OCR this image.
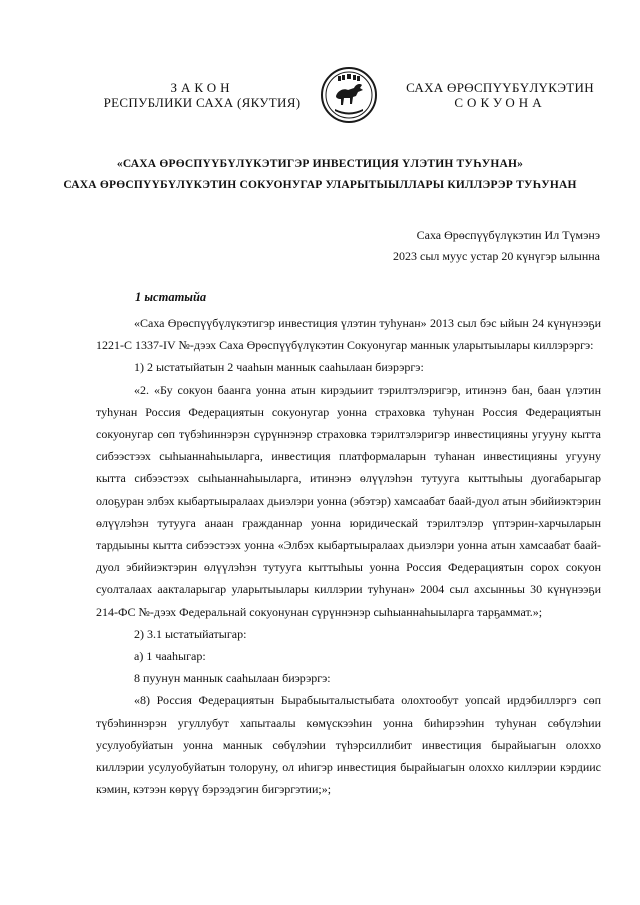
ЗАКОН
РЕСПУБЛИКИ САХА (ЯКУТИЯ)
САХА ӨРӨСПҮҮБҮЛҮКЭТИН
СОКУОНА
«САХА ӨРӨСПҮҮБҮЛҮКЭТИГЭР ИНВЕСТИЦИЯ ҮЛЭТИН ТУҺУНАН»
САХА ӨРӨСПҮҮБҮЛҮКЭТИН СОКУОНУГАР УЛАРЫТЫЫЛЛАРЫ КИЛЛЭРЭР ТУҺУНАН
Саха Өрөспүүбүлүкэтин Ил Түмэнэ
2023 сыл муус устар 20 күнүгэр ылынна
1 ыстатыйа

«Саха Өрөспүүбүлүкэтигэр инвестиция үлэтин туһунан» 2013 сыл бэс ыйын 24 күнүнээҕи 1221-С 1337-IV №-дээх Саха Өрөспүүбүлүкэтин Сокуонугар маннык уларытыылары киллэрэргэ:

1) 2 ыстатыйатын 2 чааһын маннык сааһылаан биэрэргэ:

«2. «Бу сокуон баанга уонна атын кирэдьиит тэрилтэлэригэр, итинэнэ бан, баан үлэтин туһунан Россия Федерациятын сокуонугар уонна страховка туһунан Россия Федерациятын сокуонугар сөп түбэһиннэрэн сүрүннэнэр страховка тэрилтэлэригэр инвестицияны угууну кытта сибээстээх сыһыаннаһыыларга, инвестиция платформаларын туһанан инвестицияны угууну кытта сибээстээх сыһыаннаһыыларга, итинэнэ өлүүлэһэн тутууга кыттыһыы дуогабарыгар олоҕуран элбэх кыбартыыралаах дьиэлэри уонна (эбэтэр) хамсаабат баай-дуол атын эбийиэктэрин өлүүлэһэн тутууга анаан гражданнар уонна юридическай тэрилтэлэр үптэрин-харчыларын тардыыны кытта сибээстээх уонна «Элбэх кыбартыыралаах дьиэлэри уонна атын хамсаабат баай-дуол эбийиэктэрин өлүүлэһэн тутууга кыттыһыы уонна Россия Федерациятын сорох сокуон суолталаах аакталарыгар уларытыылары киллэрии туһунан» 2004 сыл ахсынньы 30 күнүнээҕи 214-ФС №-дээх Федеральнай сокуонунан сүрүннэнэр сыһыаннаһыыларга тарҕаммат.»;

2) 3.1 ыстатыйатыгар:

а) 1 чааһыгар:

8 пуунун маннык сааһылаан биэрэргэ:

«8) Россия Федерациятын Бырабыыталыстыбата олохтообут уопсай ирдэбиллэргэ сөп түбэһиннэрэн угуллубут хапытаалы көмүскээһин уонна биһирээһин туһунан сөбүлэһии усулуобуйатын уонна маннык сөбүлэһии түһэрсиллибит инвестиция бырайыагын олоххо киллэрии усулуобуйатын толоруну, ол иһигэр инвестиция бырайыагын олоххо киллэрии кэрдиис кэмин, кэтээн көрүү бэрээдэгин бигэргэтии;»;
